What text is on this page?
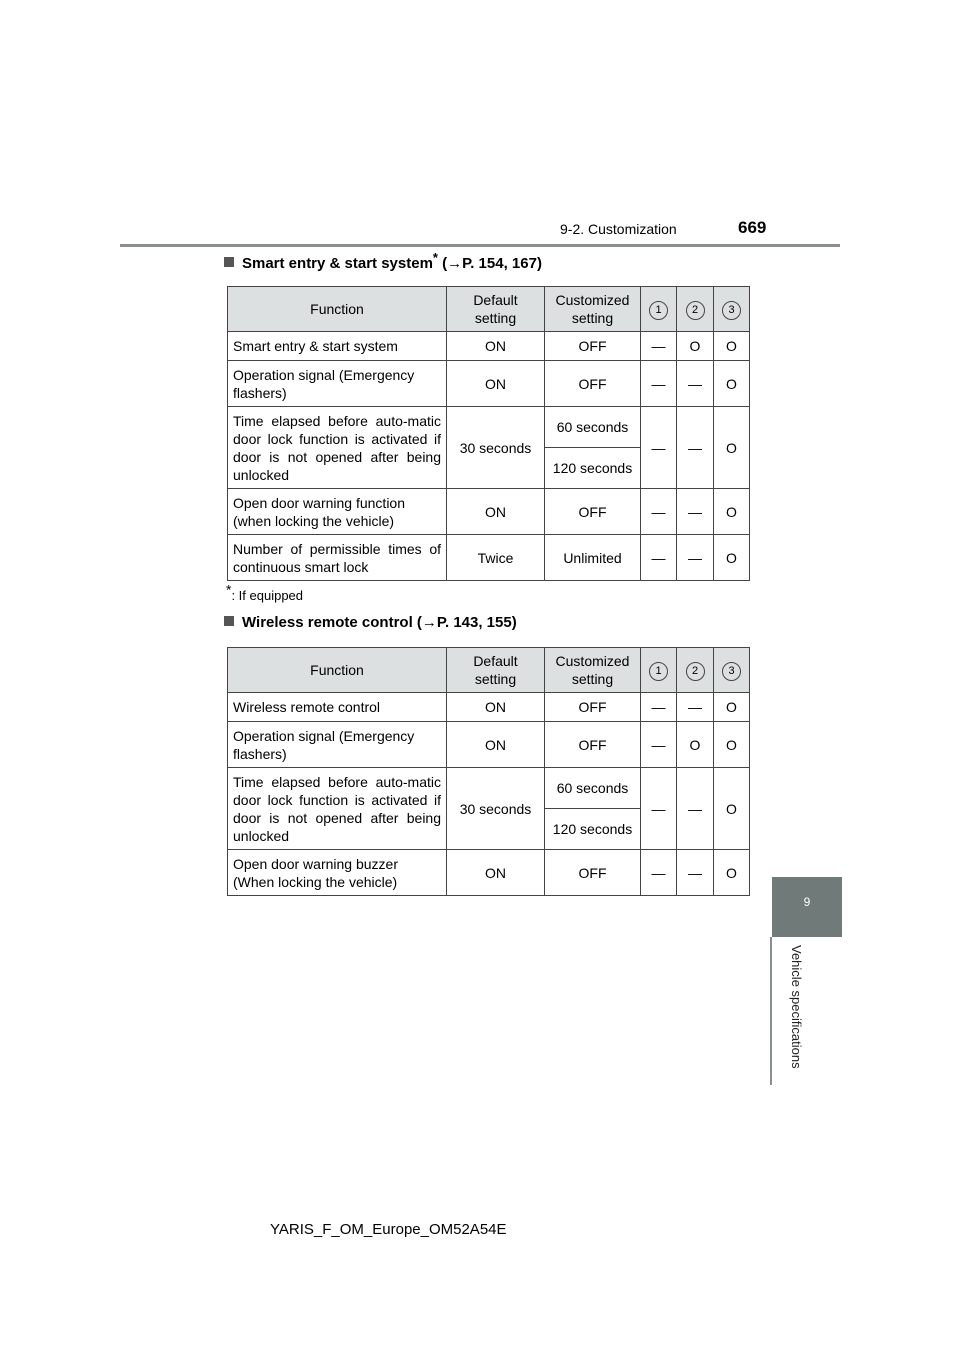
9-2. Customization	669
9
Vehicle specifications
Smart entry & start system* (→P. 154, 167)
Function	Default setting	Customized setting	1	2	3
Smart entry & start system	ON	OFF	—	O	O
Operation signal (Emergency flashers)	ON	OFF	—	—	O
Time elapsed before auto-matic door lock function is activated if door is not opened after being unlocked	30 seconds	60 seconds	—	—	O
		120 seconds			
Open door warning function (when locking the vehicle)	ON	OFF	—	—	O
Number of permissible times of continuous smart lock	Twice	Unlimited	—	—	O
*: If equipped
Wireless remote control (→P. 143, 155)
Function	Default setting	Customized setting	1	2	3
Wireless remote control	ON	OFF	—	—	O
Operation signal (Emergency flashers)	ON	OFF	—	O	O
Time elapsed before auto-matic door lock function is activated if door is not opened after being unlocked	30 seconds	60 seconds	—	—	O
		120 seconds			
Open door warning buzzer (When locking the vehicle)	ON	OFF	—	—	O
YARIS_F_OM_Europe_OM52A54E
